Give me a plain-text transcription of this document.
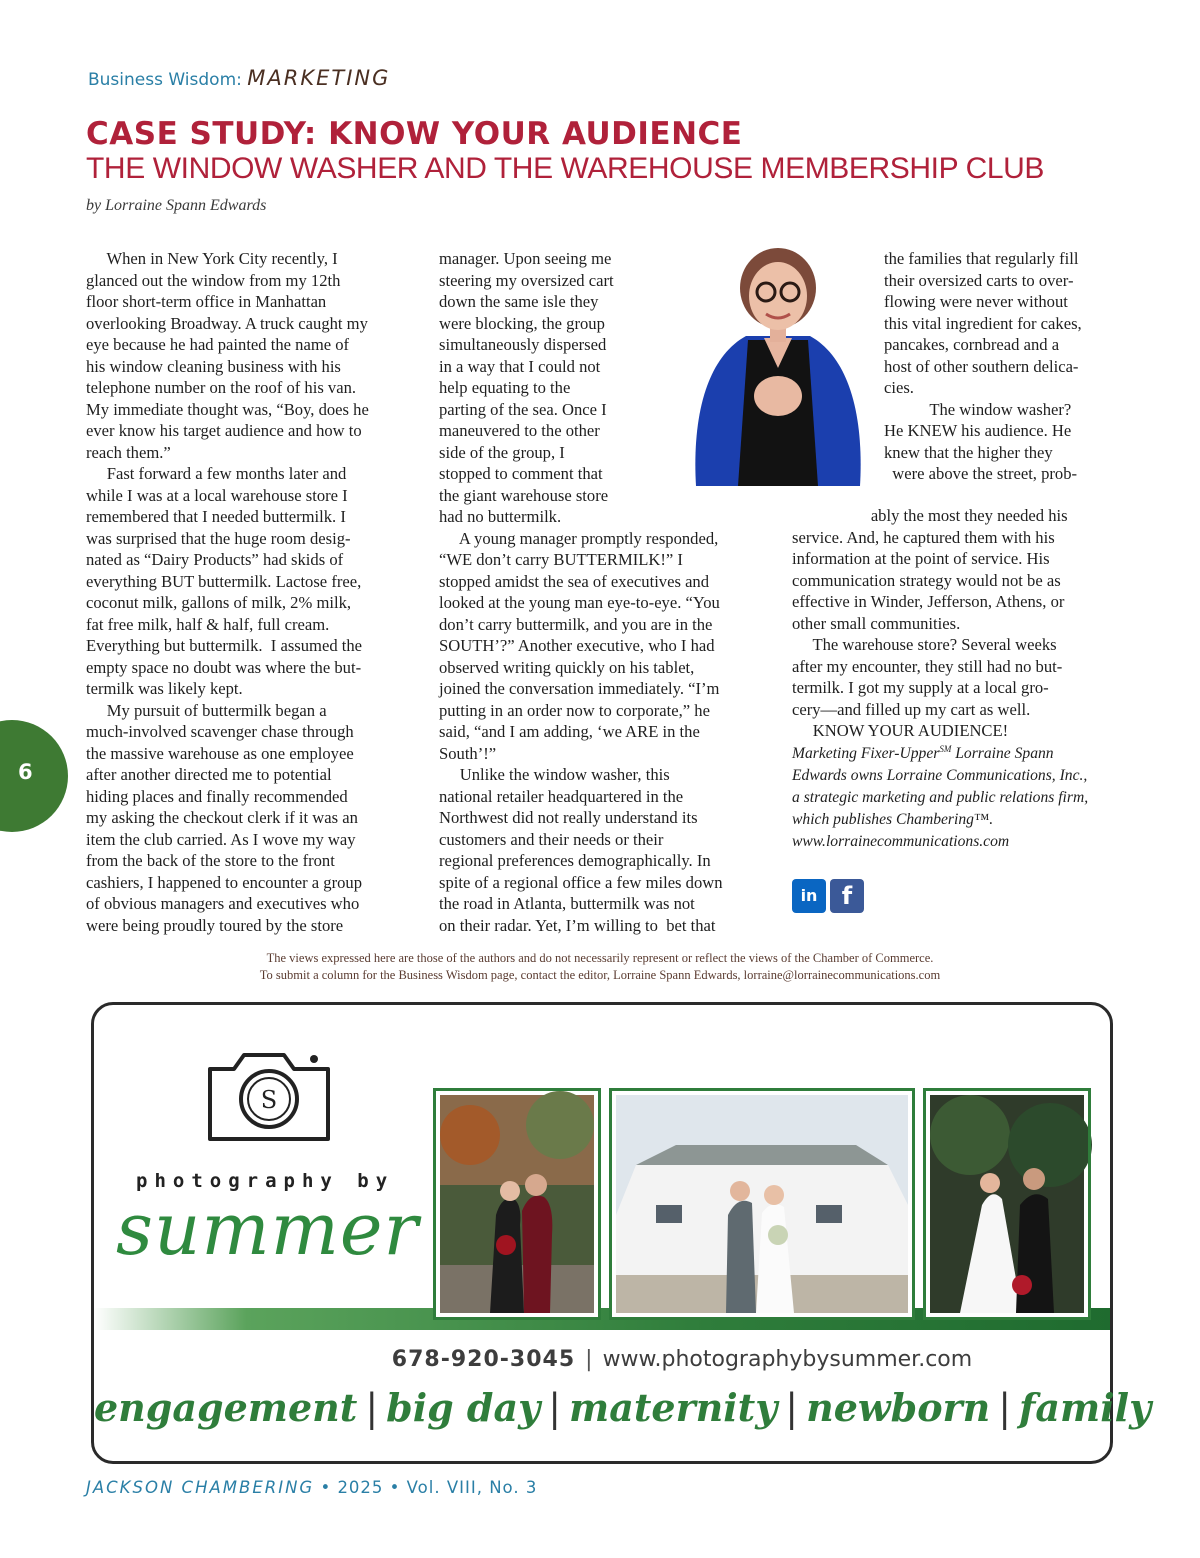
Business Wisdom: MARKETING
CASE STUDY: KNOW YOUR AUDIENCE
THE WINDOW WASHER AND THE WAREHOUSE MEMBERSHIP CLUB
by Lorraine Spann Edwards
When in New York City recently, I
glanced out the window from my 12th
floor short-term office in Manhattan
overlooking Broadway. A truck caught my
eye because he had painted the name of
his window cleaning business with his
telephone number on the roof of his van.
My immediate thought was, “Boy, does he
ever know his target audience and how to
reach them.”
Fast forward a few months later and
while I was at a local warehouse store I
remembered that I needed buttermilk. I
was surprised that the huge room desig-
nated as “Dairy Products” had skids of
everything BUT buttermilk. Lactose free,
coconut milk, gallons of milk, 2% milk,
fat free milk, half & half, full cream.
Everything but buttermilk.  I assumed the
empty space no doubt was where the but-
termilk was likely kept.
My pursuit of buttermilk began a
much-involved scavenger chase through
the massive warehouse as one employee
after another directed me to potential
hiding places and finally recommended
my asking the checkout clerk if it was an
item the club carried. As I wove my way
from the back of the store to the front
cashiers, I happened to encounter a group
of obvious managers and executives who
were being proudly toured by the store
manager. Upon seeing me
steering my oversized cart
down the same isle they
were blocking, the group
simultaneously dispersed
in a way that I could not
help equating to the
parting of the sea. Once I
maneuvered to the other
side of the group, I
stopped to comment that
the giant warehouse store
had no buttermilk.
A young manager promptly responded,
“WE don’t carry BUTTERMILK!” I
stopped amidst the sea of executives and
looked at the young man eye-to-eye. “You
don’t carry buttermilk, and you are in the
SOUTH’?” Another executive, who I had
observed writing quickly on his tablet,
joined the conversation immediately. “I’m
putting in an order now to corporate,” he
said, “and I am adding, ‘we ARE in the
South’!”
Unlike the window washer, this
national retailer headquartered in the
Northwest did not really understand its
customers and their needs or their
regional preferences demographically. In
spite of a regional office a few miles down
the road in Atlanta, buttermilk was not
on their radar. Yet, I’m willing to  bet that
the families that regularly fill
their oversized carts to over-
flowing were never without
this vital ingredient for cakes,
pancakes, cornbread and a
host of other southern delica-
cies.
The window washer?
He KNEW his audience. He
knew that the higher they
were above the street, prob-
ably the most they needed his
service. And, he captured them with his
information at the point of service. His
communication strategy would not be as
effective in Winder, Jefferson, Athens, or
other small communities.
The warehouse store? Several weeks
after my encounter, they still had no but-
termilk. I got my supply at a local gro-
cery—and filled up my cart as well.
KNOW YOUR AUDIENCE!
Marketing Fixer-Upper℠ Lorraine Spann
Edwards owns Lorraine Communications, Inc.,
a strategic marketing and public relations firm,
which publishes Chambering™.
www.lorrainecommunications.com
in	f
The views expressed here are those of the authors and do not necessarily represent or reflect the views of the Chamber of Commerce.
To submit a column for the Business Wisdom page, contact the editor, Lorraine Spann Edwards, lorraine@lorrainecommunications.com
6
S
photography by
summer
678-920-3045 | www.photographybysummer.com
engagement | big day | maternity | newborn | family
JACKSON CHAMBERING • 2025 • Vol. VIII, No. 3
